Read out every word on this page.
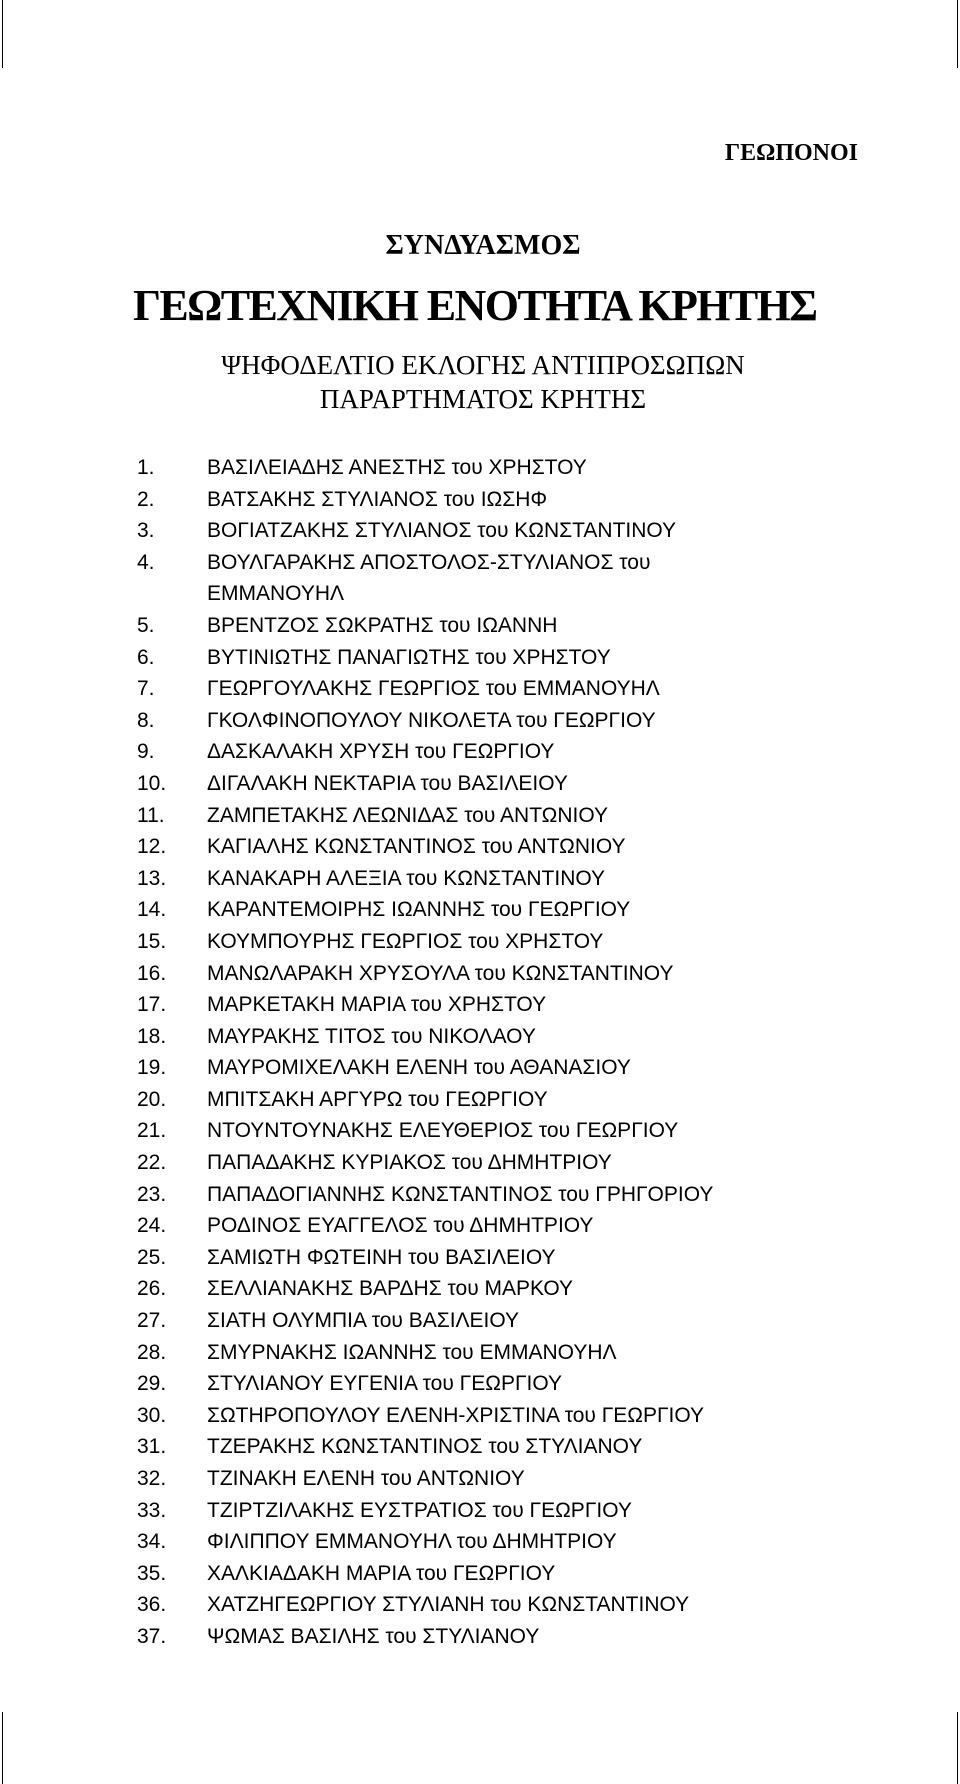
ΓΕΩΠΟΝΟΙ
ΣΥΝΔΥΑΣΜΟΣ
ΓΕΩΤΕΧΝΙΚΗ ΕΝΟΤΗΤΑ ΚΡΗΤΗΣ
ΨΗΦΟΔΕΛΤΙΟ ΕΚΛΟΓΗΣ ΑΝΤΙΠΡΟΣΩΠΩΝ
ΠΑΡΑΡΤΗΜΑΤΟΣ ΚΡΗΤΗΣ
1. ΒΑΣΙΛΕΙΑΔΗΣ ΑΝΕΣΤΗΣ του ΧΡΗΣΤΟΥ
2. ΒΑΤΣΑΚΗΣ ΣΤΥΛΙΑΝΟΣ του ΙΩΣΗΦ
3. ΒΟΓΙΑΤΖΑΚΗΣ ΣΤΥΛΙΑΝΟΣ του ΚΩΝΣΤΑΝΤΙΝΟΥ
4. ΒΟΥΛΓΑΡΑΚΗΣ ΑΠΟΣΤΟΛΟΣ-ΣΤΥΛΙΑΝΟΣ του
ΕΜΜΑΝΟΥΗΛ
5. ΒΡΕΝΤΖΟΣ ΣΩΚΡΑΤΗΣ του ΙΩΑΝΝΗ
6. ΒΥΤΙΝΙΩΤΗΣ ΠΑΝΑΓΙΩΤΗΣ του ΧΡΗΣΤΟΥ
7. ΓΕΩΡΓΟΥΛΑΚΗΣ ΓΕΩΡΓΙΟΣ του ΕΜΜΑΝΟΥΗΛ
8. ΓΚΟΛΦΙΝΟΠΟΥΛΟΥ ΝΙΚΟΛΕΤΑ του ΓΕΩΡΓΙΟΥ
9. ΔΑΣΚΑΛΑΚΗ ΧΡΥΣΗ του ΓΕΩΡΓΙΟΥ
10. ΔΙΓΑΛΑΚΗ ΝΕΚΤΑΡΙΑ του ΒΑΣΙΛΕΙΟΥ
11. ΖΑΜΠΕΤΑΚΗΣ ΛΕΩΝΙΔΑΣ του ΑΝΤΩΝΙΟΥ
12. ΚΑΓΙΑΛΗΣ ΚΩΝΣΤΑΝΤΙΝΟΣ του ΑΝΤΩΝΙΟΥ
13. ΚΑΝΑΚΑΡΗ ΑΛΕΞΙΑ του ΚΩΝΣΤΑΝΤΙΝΟΥ
14. ΚΑΡΑΝΤΕΜΟΙΡΗΣ ΙΩΑΝΝΗΣ του ΓΕΩΡΓΙΟΥ
15. ΚΟΥΜΠΟΥΡΗΣ ΓΕΩΡΓΙΟΣ του ΧΡΗΣΤΟΥ
16. ΜΑΝΩΛΑΡΑΚΗ ΧΡΥΣΟΥΛΑ του ΚΩΝΣΤΑΝΤΙΝΟΥ
17. ΜΑΡΚΕΤΑΚΗ ΜΑΡΙΑ του ΧΡΗΣΤΟΥ
18. ΜΑΥΡΑΚΗΣ ΤΙΤΟΣ του ΝΙΚΟΛΑΟΥ
19. ΜΑΥΡΟΜΙΧΕΛΑΚΗ ΕΛΕΝΗ του ΑΘΑΝΑΣΙΟΥ
20. ΜΠΙΤΣΑΚΗ ΑΡΓΥΡΩ του ΓΕΩΡΓΙΟΥ
21. ΝΤΟΥΝΤΟΥΝΑΚΗΣ ΕΛΕΥΘΕΡΙΟΣ του ΓΕΩΡΓΙΟΥ
22. ΠΑΠΑΔΑΚΗΣ ΚΥΡΙΑΚΟΣ του ΔΗΜΗΤΡΙΟΥ
23. ΠΑΠΑΔΟΓΙΑΝΝΗΣ ΚΩΝΣΤΑΝΤΙΝΟΣ του ΓΡΗΓΟΡΙΟΥ
24. ΡΟΔΙΝΟΣ ΕΥΑΓΓΕΛΟΣ του ΔΗΜΗΤΡΙΟΥ
25. ΣΑΜΙΩΤΗ ΦΩΤΕΙΝΗ του ΒΑΣΙΛΕΙΟΥ
26. ΣΕΛΛΙΑΝΑΚΗΣ ΒΑΡΔΗΣ του ΜΑΡΚΟΥ
27. ΣΙΑΤΗ ΟΛΥΜΠΙΑ του ΒΑΣΙΛΕΙΟΥ
28. ΣΜΥΡΝΑΚΗΣ ΙΩΑΝΝΗΣ του ΕΜΜΑΝΟΥΗΛ
29. ΣΤΥΛΙΑΝΟΥ ΕΥΓΕΝΙΑ του ΓΕΩΡΓΙΟΥ
30. ΣΩΤΗΡΟΠΟΥΛΟΥ ΕΛΕΝΗ-ΧΡΙΣΤΙΝΑ του ΓΕΩΡΓΙΟΥ
31. ΤΖΕΡΑΚΗΣ ΚΩΝΣΤΑΝΤΙΝΟΣ του ΣΤΥΛΙΑΝΟΥ
32. ΤΖΙΝΑΚΗ ΕΛΕΝΗ του ΑΝΤΩΝΙΟΥ
33. ΤΖΙΡΤΖΙΛΑΚΗΣ ΕΥΣΤΡΑΤΙΟΣ του ΓΕΩΡΓΙΟΥ
34. ΦΙΛΙΠΠΟΥ ΕΜΜΑΝΟΥΗΛ του ΔΗΜΗΤΡΙΟΥ
35. ΧΑΛΚΙΑΔΑΚΗ ΜΑΡΙΑ του ΓΕΩΡΓΙΟΥ
36. ΧΑΤΖΗΓΕΩΡΓΙΟΥ ΣΤΥΛΙΑΝΗ του ΚΩΝΣΤΑΝΤΙΝΟΥ
37. ΨΩΜΑΣ ΒΑΣΙΛΗΣ του ΣΤΥΛΙΑΝΟΥ
